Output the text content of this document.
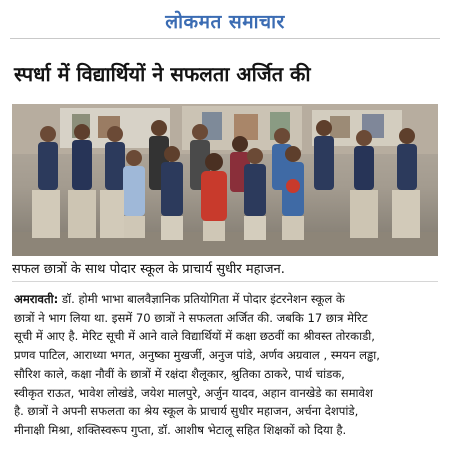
लोकमत समाचार
स्पर्धा में विद्यार्थियों ने सफलता अर्जित की
सफल छात्रों के साथ पोदार स्कूल के प्राचार्य सुधीर महाजन.
अमरावती: डॉ. होमी भाभा बालवैज्ञानिक प्रतियोगिता में पोदार इंटरनेशन स्कूल के
छात्रों ने भाग लिया था. इसमें 70 छात्रों ने सफलता अर्जित की. जबकि 17 छात्र मेरिट
सूची में आए है. मेरिट सूची में आने वाले विद्यार्थियों में कक्षा छठवीं का श्रीवस्त तोरकाडी,
प्रणव पाटिल, आराध्या भगत, अनुष्का मुखर्जी, अनुज पांडे, अर्णव अग्रवाल , स्मयन लड्ढा,
सौरिश काले, कक्षा नौवीं के छात्रों में रक्षंदा शैलूकार, श्रुतिका ठाकरे, पार्थ चांडक,
स्वीकृत राऊत, भावेश लोखंडे, जयेश मालपुरे, अर्जुन यादव, अहान वानखेडे का समावेश
है. छात्रों ने अपनी सफलता का श्रेय स्कूल के प्राचार्य सुधीर महाजन, अर्चना देशपांडे,
मीनाक्षी मिश्रा, शक्तिस्वरूप गुप्ता, डॉ. आशीष भेटालू सहित शिक्षकों को दिया है.
